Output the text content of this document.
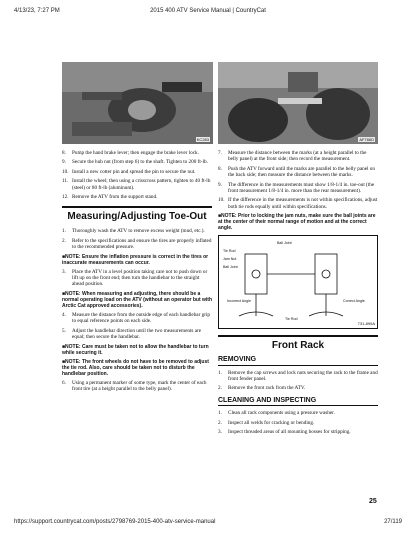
4/13/23, 7:27 PM	2015 400 ATV Service Manual | CountryCat
KC283	AF786D
8.	Pump the hand brake lever; then engage the brake lever lock.
9.	Secure the hub nut (from step 6) to the shaft. Tighten to 200 ft-lb.
10. Install a new cotter pin and spread the pin to secure the nut.
11. Install the wheel; then using a crisscross pattern, tighten to 40 ft-lb (steel) or 80 ft-lb (aluminum).
12. Remove the ATV from the support stand.
Measuring/Adjusting Toe-Out
1.	Thoroughly wash the ATV to remove excess weight (mud, etc.).
2.	Refer to the specifications and ensure the tires are properly inflated to the recommended pressure.
■NOTE: Ensure the inflation pressure is correct in the tires or inaccurate measurements can occur.
3.	Place the ATV in a level position taking care not to push down or lift up on the front end; then turn the handlebar to the straight ahead position.
■NOTE: When measuring and adjusting, there should be a normal operating load on the ATV (without an operator but with Arctic Cat approved accessories).
4.	Measure the distance from the outside edge of each handlebar grip to equal reference points on each side.
5.	Adjust the handlebar direction until the two measurements are equal; then secure the handlebar.
■NOTE: Care must be taken not to allow the handlebar to turn while securing it.
■NOTE: The front wheels do not have to be removed to adjust the tie rod. Also, care should be taken not to disturb the handlebar position.
6.	Using a permanent marker of some type, mark the center of each front tire (at a height parallel to the belly panel).
7.	Measure the distance between the marks (at a height parallel to the belly panel) at the front side; then record the measurement.
8.	Push the ATV forward until the marks are parallel to the belly panel on the back side; then measure the distance between the marks.
9.	The difference in the measurements must show 1/8-1/4 in. toe-out (the front measurement 1/8-1/4 in. more than the rear measurement).
10. If the difference in the measurements is not within specifications, adjust both tie rods equally until within specifications.
■NOTE: Prior to locking the jam nuts, make sure the ball joints are at the center of their normal range of motion and at the correct angle.
Ball Joint
Tie Rod
Jam Nut
Ball Joint
Incorrect Angle	Correct Angle
Tie Rod
731-899A
Front Rack
REMOVING
1.	Remove the cap screws and lock nuts securing the rack to the frame and front fender panel.
2.	Remove the front rack from the ATV.
CLEANING AND INSPECTING
1.	Clean all rack components using a pressure washer.
2.	Inspect all welds for cracking or bending.
3.	Inspect threaded areas of all mounting bosses for stripping.
25
https://support.countrycat.com/posts/2798769-2015-400-atv-service-manual	27/119
